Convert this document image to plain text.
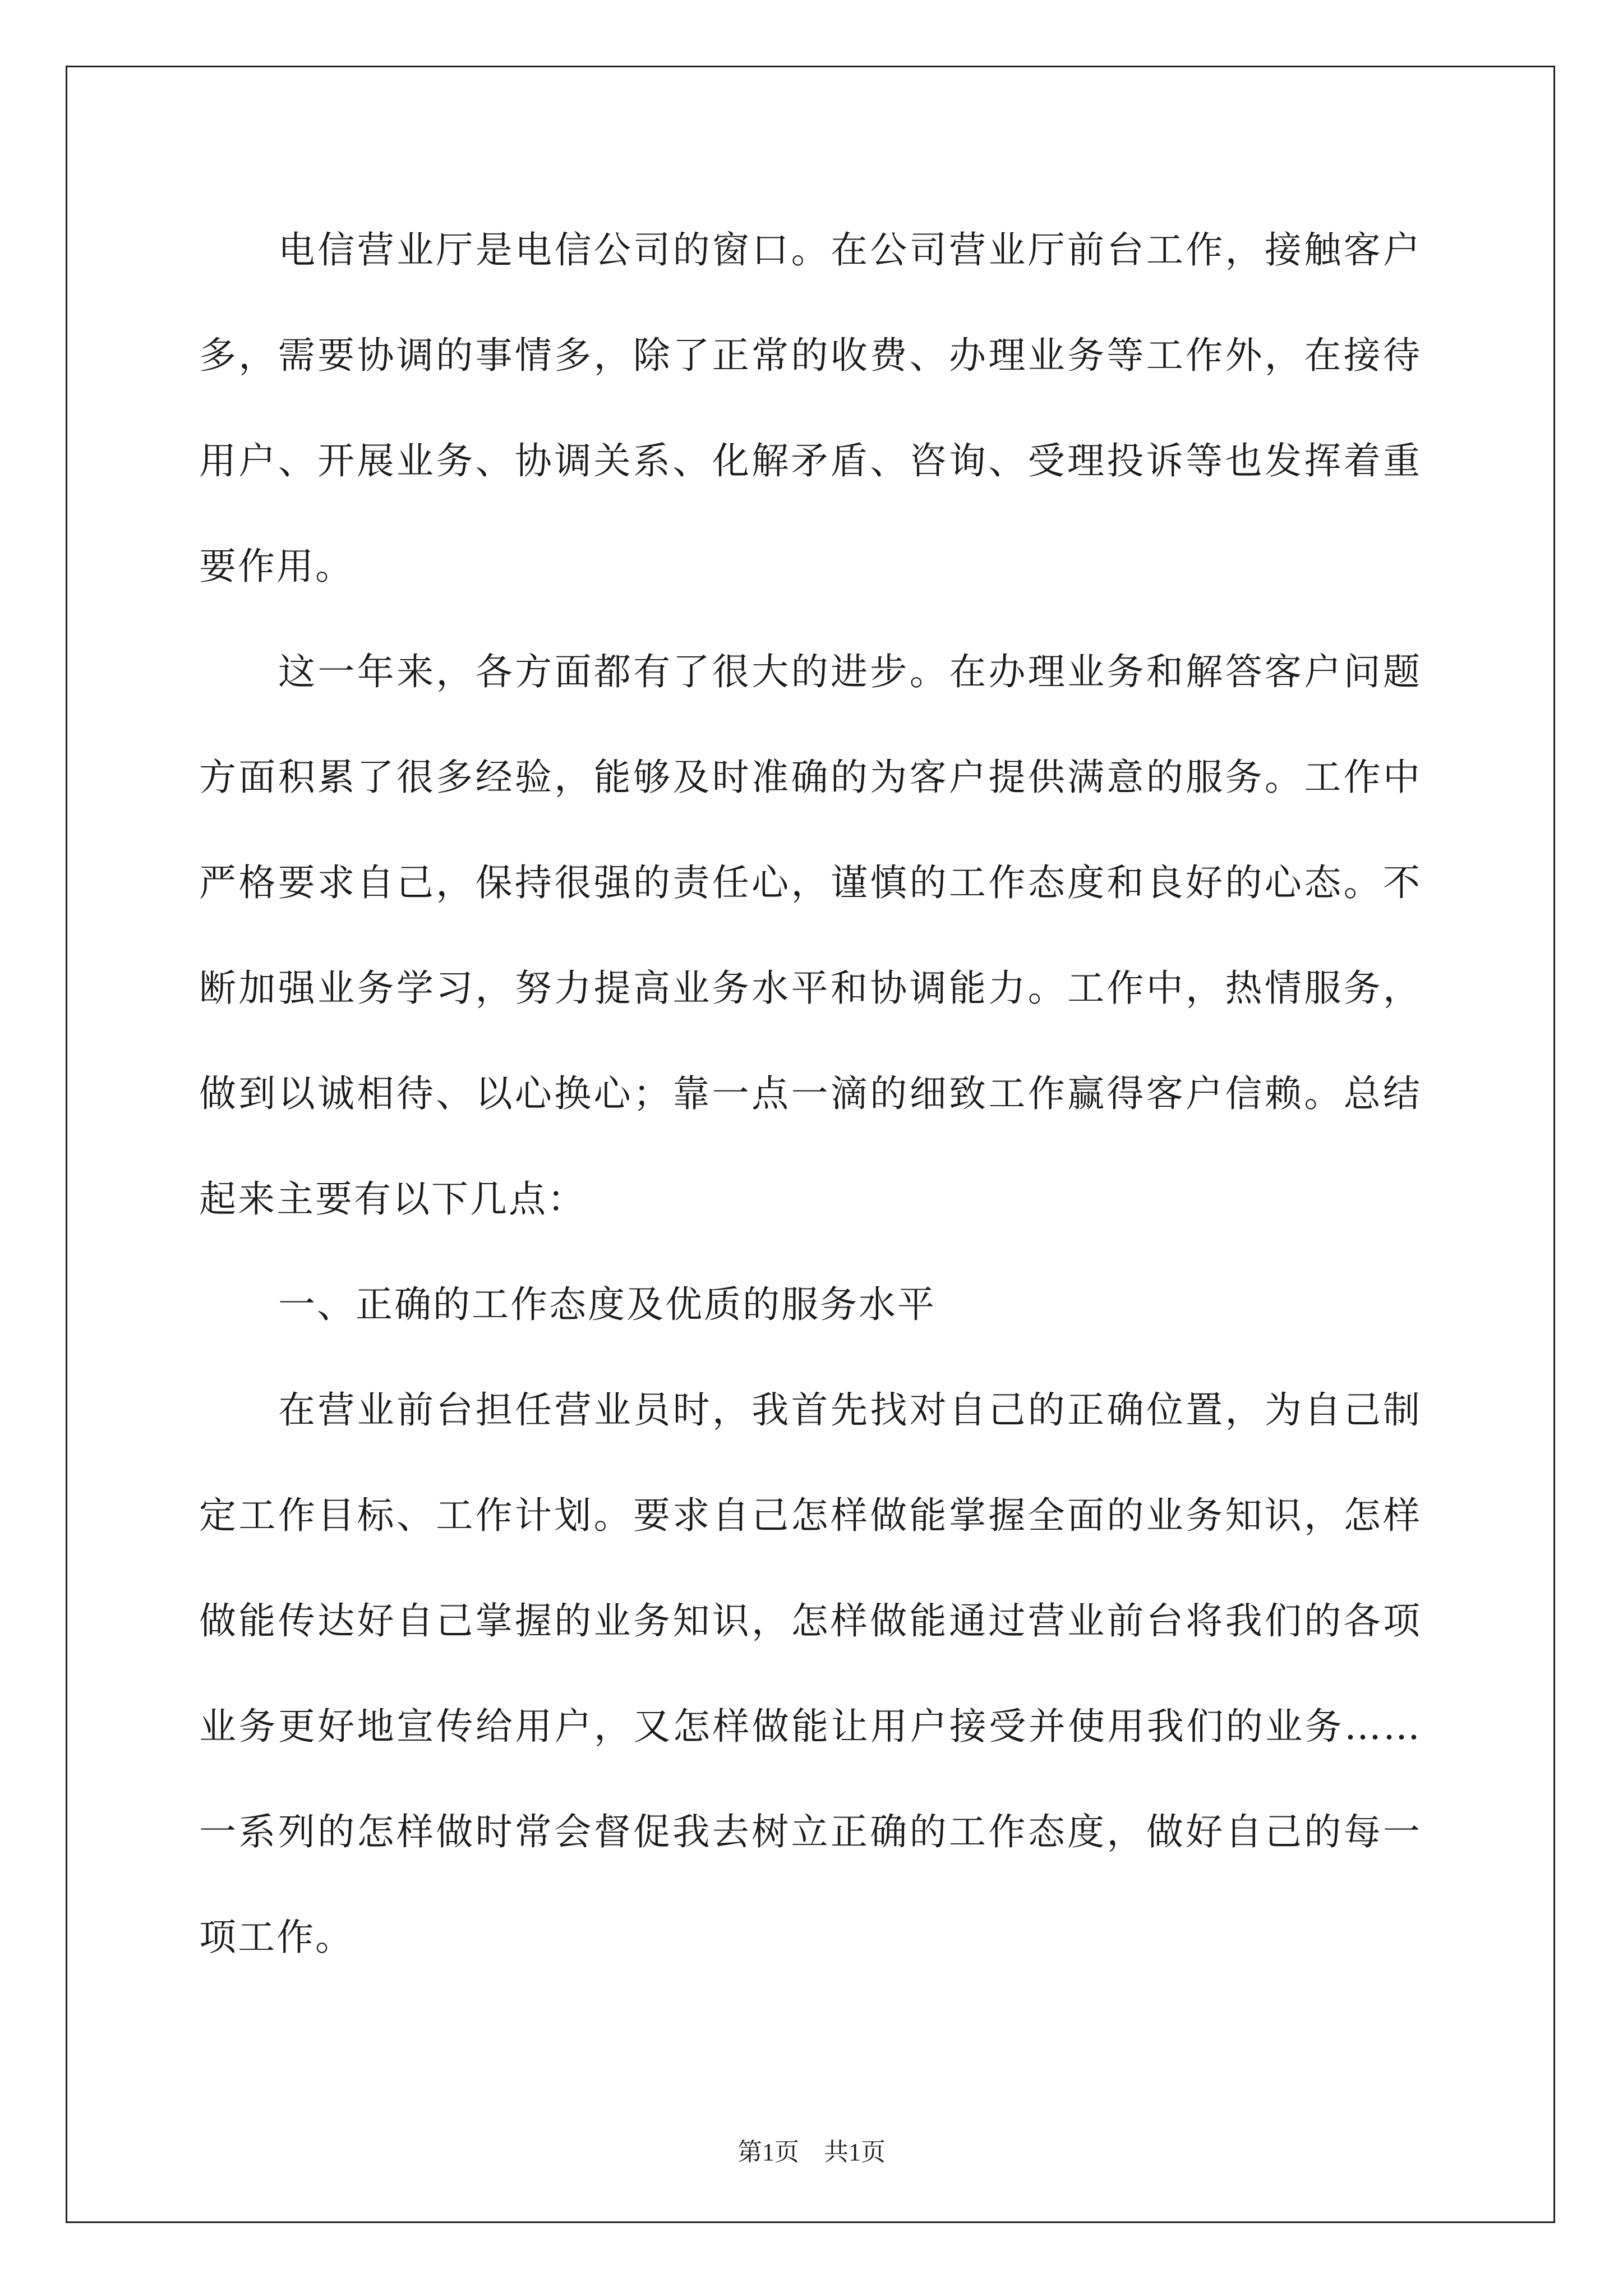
电信营业厅是电信公司的窗口。在公司营业厅前台工作，接触客户多，需要协调的事情多，除了正常的收费、办理业务等工作外，在接待用户、开展业务、协调关系、化解矛盾、咨询、受理投诉等也发挥着重要作用。

这一年来，各方面都有了很大的进步。在办理业务和解答客户问题方面积累了很多经验，能够及时准确的为客户提供满意的服务。工作中严格要求自己，保持很强的责任心，谨慎的工作态度和良好的心态。不断加强业务学习，努力提高业务水平和协调能力。工作中，热情服务，做到以诚相待、以心换心；靠一点一滴的细致工作赢得客户信赖。总结起来主要有以下几点：

一、正确的工作态度及优质的服务水平

在营业前台担任营业员时，我首先找对自己的正确位置，为自己制定工作目标、工作计划。要求自己怎样做能掌握全面的业务知识，怎样做能传达好自己掌握的业务知识，怎样做能通过营业前台将我们的各项业务更好地宣传给用户，又怎样做能让用户接受并使用我们的业务……一系列的怎样做时常会督促我去树立正确的工作态度，做好自己的每一项工作。

第1页　共1页
